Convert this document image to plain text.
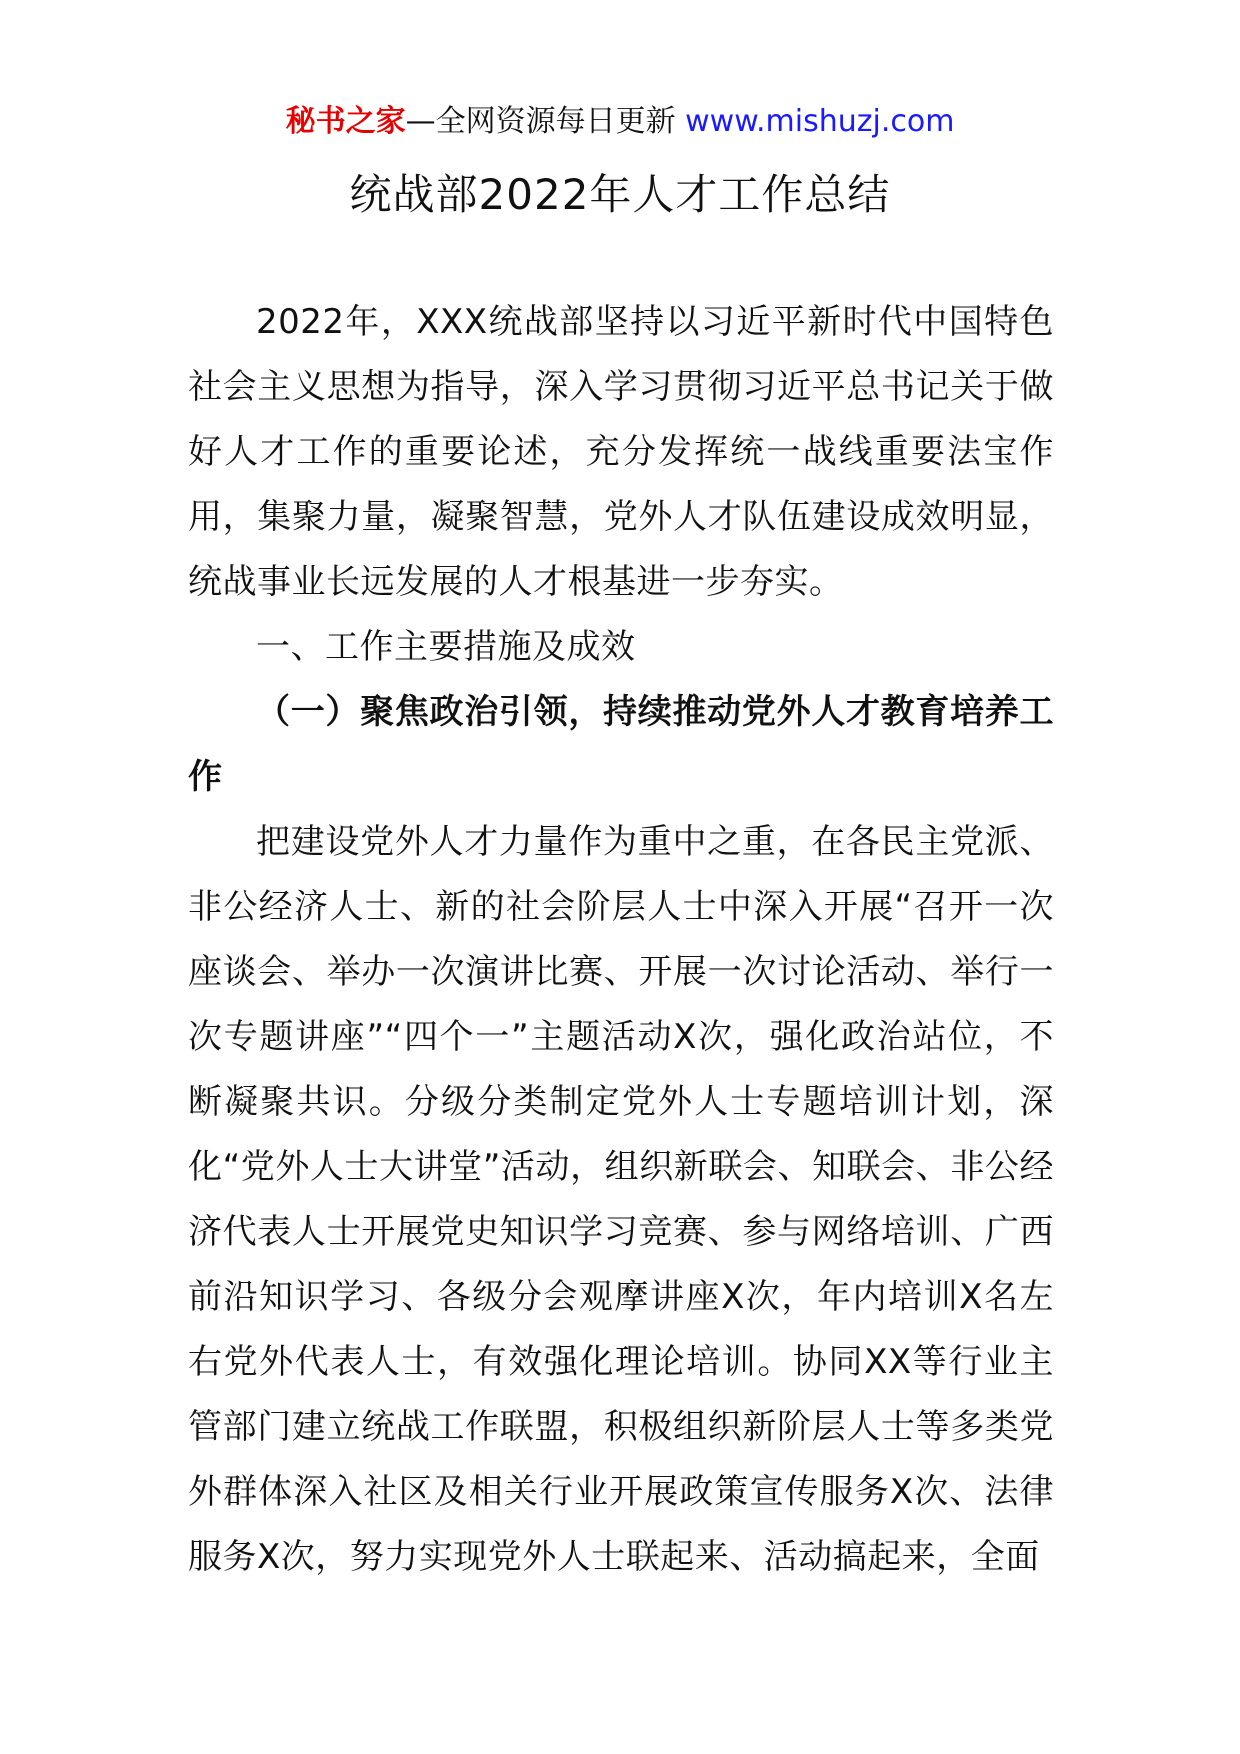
秘书之家—全网资源每日更新 www.mishuzj.com
统战部2022年人才工作总结

2022年，XXX统战部坚持以习近平新时代中国特色社会主义思想为指导，深入学习贯彻习近平总书记关于做好人才工作的重要论述，充分发挥统一战线重要法宝作用，集聚力量，凝聚智慧，党外人才队伍建设成效明显，统战事业长远发展的人才根基进一步夯实。

一、工作主要措施及成效

（一）聚焦政治引领，持续推动党外人才教育培养工作

把建设党外人才力量作为重中之重，在各民主党派、非公经济人士、新的社会阶层人士中深入开展“召开一次座谈会、举办一次演讲比赛、开展一次讨论活动、举行一次专题讲座”“四个一”主题活动X次，强化政治站位，不断凝聚共识。分级分类制定党外人士专题培训计划，深化“党外人士大讲堂”活动，组织新联会、知联会、非公经济代表人士开展党史知识学习竞赛、参与网络培训、广西前沿知识学习、各级分会观摩讲座X次，年内培训X名左右党外代表人士，有效强化理论培训。协同XX等行业主管部门建立统战工作联盟，积极组织新阶层人士等多类党外群体深入社区及相关行业开展政策宣传服务X次、法律服务X次，努力实现党外人士联起来、活动搞起来，全面
